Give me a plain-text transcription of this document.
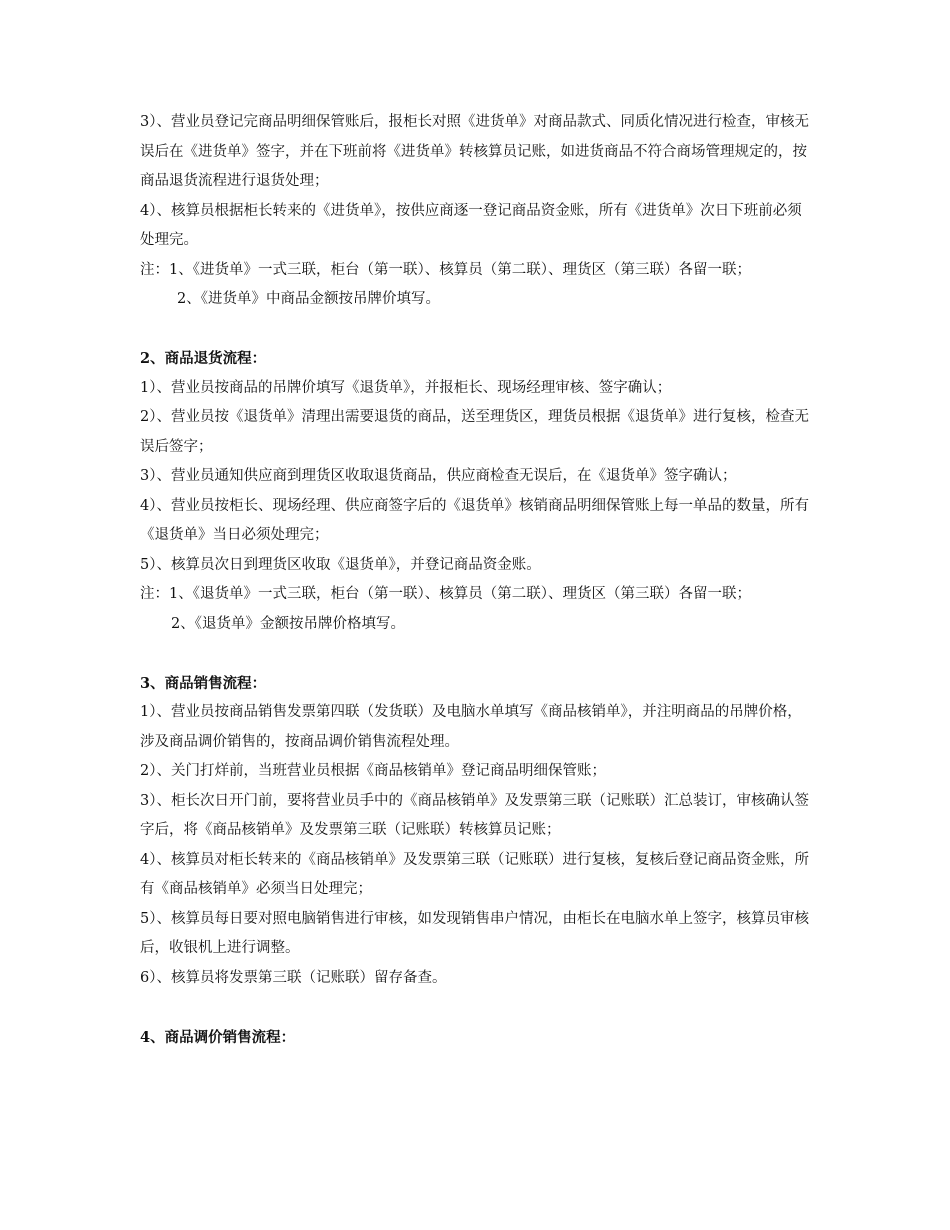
3）、营业员登记完商品明细保管账后，报柜长对照《进货单》对商品款式、同质化情况进行检查，审核无误后在《进货单》签字，并在下班前将《进货单》转核算员记账，如进货商品不符合商场管理规定的，按商品退货流程进行退货处理；

4）、核算员根据柜长转来的《进货单》，按供应商逐一登记商品资金账，所有《进货单》次日下班前必须处理完。

注：1、《进货单》一式三联，柜台（第一联）、核算员（第二联）、理货区（第三联）各留一联；

2、《进货单》中商品金额按吊牌价填写。

2、商品退货流程：

1）、营业员按商品的吊牌价填写《退货单》，并报柜长、现场经理审核、签字确认；

2）、营业员按《退货单》清理出需要退货的商品，送至理货区，理货员根据《退货单》进行复核，检查无误后签字；

3）、营业员通知供应商到理货区收取退货商品，供应商检查无误后，在《退货单》签字确认；

4）、营业员按柜长、现场经理、供应商签字后的《退货单》核销商品明细保管账上每一单品的数量，所有《退货单》当日必须处理完；

5）、核算员次日到理货区收取《退货单》，并登记商品资金账。

注：1、《退货单》一式三联，柜台（第一联）、核算员（第二联）、理货区（第三联）各留一联；

2、《退货单》金额按吊牌价格填写。

3、商品销售流程：

1）、营业员按商品销售发票第四联（发货联）及电脑水单填写《商品核销单》，并注明商品的吊牌价格，涉及商品调价销售的，按商品调价销售流程处理。

2）、关门打烊前，当班营业员根据《商品核销单》登记商品明细保管账；

3）、柜长次日开门前，要将营业员手中的《商品核销单》及发票第三联（记账联）汇总装订，审核确认签字后，将《商品核销单》及发票第三联（记账联）转核算员记账；

4）、核算员对柜长转来的《商品核销单》及发票第三联（记账联）进行复核，复核后登记商品资金账，所有《商品核销单》必须当日处理完；

5）、核算员每日要对照电脑销售进行审核，如发现销售串户情况，由柜长在电脑水单上签字，核算员审核后，收银机上进行调整。

6）、核算员将发票第三联（记账联）留存备查。

4、商品调价销售流程：
